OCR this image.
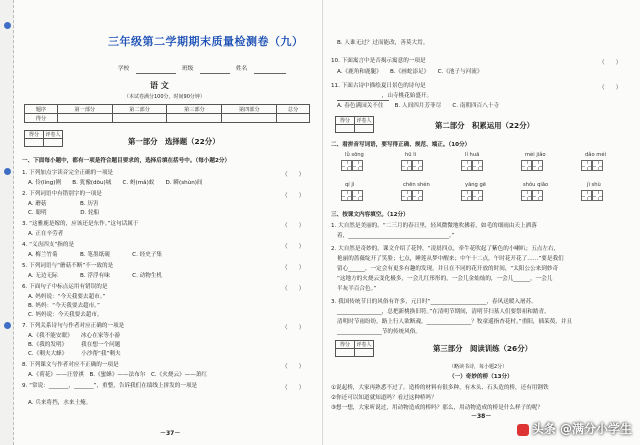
三年级第二学期期末质量检测卷（九）
学校	班级	姓名
语 文
（本试卷满分100分，时间90分钟）
题序	第一部分	第二部分	第三部分	第四部分	总分
得分					
得分	评卷人

第一部分　选择题（22分）
一、下面每小题中，都有一项是符合题目要求的，选择后填在括号中。（每小题2分）
1. 下列加点字读音完全正确的一项是	（　　）
A. 伶(líng)俐　　B. 犹豫(dōu)城　　C. 蚂(mǎ)蚁　　D. 瞬(shùn)间
2. 下列词语中有错别字的一项是	（　　）
A. 蘑菇　　　　　　B. 历害
C. 聪明　　　　　　D. 轮船
3. “这雅鹿是嫁的，应该还是东作。”这句话属于	（　　）
A. 正在辛劳者
4. “义齿四支”指的是	（　　）
A. 梅兰竹菊　　　　B. 笔墨纸砚　　　　C. 经史子集
5. 下列词语与“蘑菇不断”不一致的是	（　　）
A. 无边无际　　　　B. 浮浮有味　　　　C. 动物生机
6. 下面句子中标点运用有错误的是	（　　）
A. 妈妈说：“今天我要去超市。”
B. 妈妈：“今天我要去超市。”
C. 妈妈说：今天我要去超市。
7. 下列关系诗句与作者对应正确的一项是	（　　）
A.《我不能安眠》　　冰心在家等小游
B.《我的发明》　　　我在想一个问题
C.《剩夫大蜂》　　　小沙帮“我”剩夫
8. 下列课文与作者对应不正确的一项是	（　　）
A.《荷花》——汪曾祺　B.《蜜蜂》——法布尔　C.《火烧云》——萧红
9. “常说：_______，_______”，重整，告诉我们在绩线上拼发的一项是	（　　）
A. 兵来将挡，水来土掩。
－37－
B. 人谁无过？过而能改，善莫大焉。
10. 下面寓言中是否揭示寓意的一项是	（　　）
A.《鹿角和鹿腿》　　B.《画蛇添足》　　C.《池子与河流》
11. 下面古诗中描绘夏日景色的诗句是	（　　）
　　　　　　　　，山寺桃花始盛开。
A. 春色满园关不住　　B. 人间四月芳菲尽　　C. 南朝四百八十寺
得分	评卷人
		第二部分　积累运用（22分）
二、看拼音写词语，要写得正确、规范、端正。（10分）
lǜ sōng	hū li	lí huā	méi jiǎo	dǎo méi
qí jì	chēn shén	yāng gē	shǒu qiǎo	jì shù
三、按课文内容填空。（12分）
1. 大自然是美丽的。“二三月的春日里，轻风微微地吹拂着，如毛的细雨由天上洒落
着，____________________________________。”
2. 大自然是奇妙的。课文介绍了花钟，“凌晨四点，牵牛花吹起了紫色的小喇叭；五点左右，
艳丽的蔷薇绽开了笑脸；七点，睡莲从梦中醒来；中午十二点，午时花开花了……”要是我们
留心______，一定会有更多有趣的发现。并且在不同的花开放的时间，“太阳公公来到妙奇
“这地方的火烧云变化极多，一会儿红彤彤的，一会儿金灿灿的，一会儿______，一会儿
半灰半百合色。”
3. 我国传统节日的风俗有许多，元日时“____________________，春风送暖入屠苏。
________________，总把新桃换旧符。”在清明节期间，清明节扫墓人们要祭祖和踏青，
清明时节雨纷纷，路上行人欲断魂。________________？牧童遥指杏花村。”重阳，插茱萸，并且
________________节的传统风俗。
得分	评卷人
		第三部分　阅读训练（26分）
（略读书诗，每小题2分）
（一）奇妙的桥（13分）
①说起桥，大家再熟悉不过了。造桥的材料有很多种，有木头、石头造的桥，还有用钢铁
②你还可以知道就知道吗？看过这种桥吗？
③想一想，大家听说过，用动物造成的桥吗？那么，用动物造成的桥是什么样子的呢？
－38－
头条 @满分小学生
